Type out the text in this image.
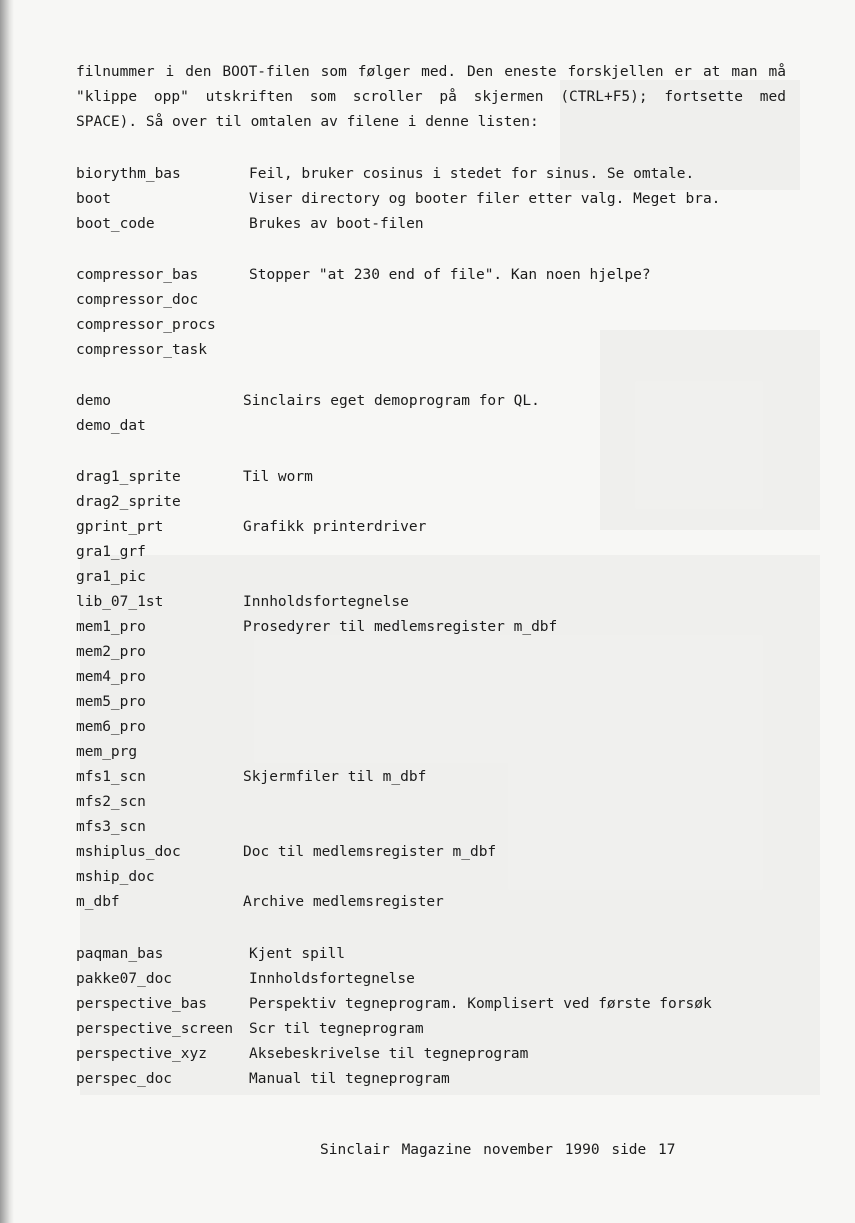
filnummer i den BOOT-filen som følger med. Den eneste forskjellen er at man må
"klippe opp" utskriften som scroller på skjermen (CTRL+F5); fortsette med
SPACE). Så over til omtalen av filene i denne listen:
biorythm_bas	Feil, bruker cosinus i stedet for sinus. Se omtale.
boot	Viser directory og booter filer etter valg. Meget bra.
boot_code	Brukes av boot-filen
compressor_bas	Stopper "at 230 end of file". Kan noen hjelpe?
compressor_doc
compressor_procs
compressor_task
demo	Sinclairs eget demoprogram for QL.
demo_dat
drag1_sprite	Til worm
drag2_sprite
gprint_prt	Grafikk printerdriver
gra1_grf
gra1_pic
lib_07_1st	Innholdsfortegnelse
mem1_pro	Prosedyrer til medlemsregister m_dbf
mem2_pro
mem4_pro
mem5_pro
mem6_pro
mem_prg
mfs1_scn	Skjermfiler til m_dbf
mfs2_scn
mfs3_scn
mshiplus_doc	Doc til medlemsregister m_dbf
mship_doc
m_dbf	Archive medlemsregister
paqman_bas	Kjent spill
pakke07_doc	Innholdsfortegnelse
perspective_bas	Perspektiv tegneprogram. Komplisert ved første forsøk
perspective_screen Scr til tegneprogram
perspective_xyz	Aksebeskrivelse til tegneprogram
perspec_doc	Manual til tegneprogram
Sinclair Magazine november 1990 side 17
